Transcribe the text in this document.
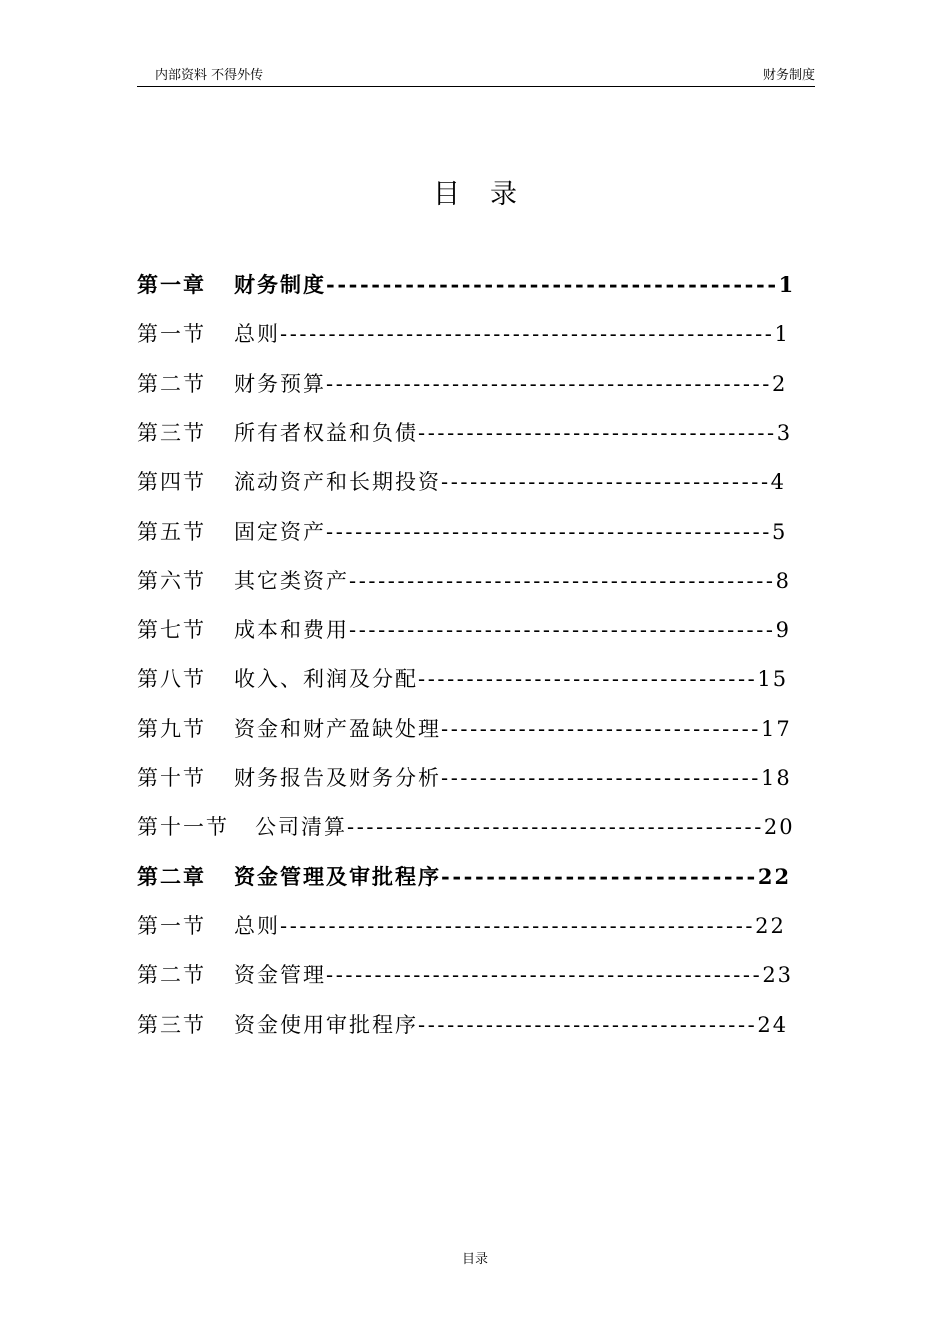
内部资料 不得外传	财务制度
目录
第一章 财务制度 ---------------------------------------- 1
第一节 总则 --------------------------------------------------- 1
第二节 财务预算 ---------------------------------------------- 2
第三节 所有者权益和负债 ------------------------------------- 3
第四节 流动资产和长期投资 ---------------------------------- 4
第五节 固定资产 ---------------------------------------------- 5
第六节 其它类资产 -------------------------------------------- 8
第七节 成本和费用 -------------------------------------------- 9
第八节 收入、利润及分配 ----------------------------------- 15
第九节 资金和财产盈缺处理 --------------------------------- 17
第十节 财务报告及财务分析 --------------------------------- 18
第十一节 公司清算 ------------------------------------------- 20
第二章 资金管理及审批程序 ---------------------------- 22
第一节 总则 ------------------------------------------------- 22
第二节 资金管理 --------------------------------------------- 23
第三节 资金使用审批程序 ----------------------------------- 24
目录
